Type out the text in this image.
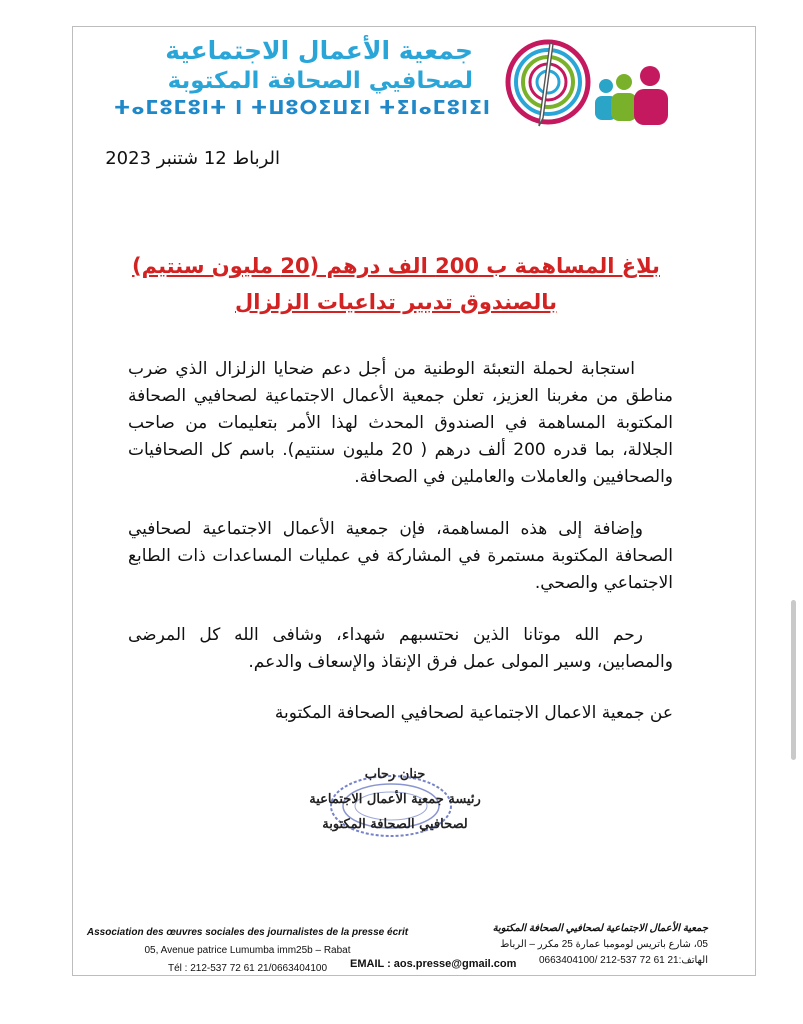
جمعية الأعمال الاجتماعية
لصحافيي الصحافة المكتوبة
ⵜⴰⵎⵓⵎⵓⵏⵜ ⵏ ⵜⵡⵓⵔⵉⵡⵉⵏ ⵜⵉⵏⴰⵎⵓⵏⵉⵏ
الرباط 12 شتنبر 2023
بلاغ المساهمة ب 200 الف درهم (20 مليون سنتيم) بالصندوق تدبير تداعيات الزلزال
استجابة لحملة التعبئة الوطنية من أجل دعم ضحايا الزلزال الذي ضرب مناطق من مغربنا العزيز، تعلن جمعية الأعمال الاجتماعية لصحافيي الصحافة المكتوبة المساهمة في الصندوق المحدث لهذا الأمر بتعليمات من صاحب الجلالة، بما قدره 200 ألف درهم ( 20 مليون سنتيم). باسم كل الصحافيات والصحافيين والعاملات والعاملين في الصحافة.
وإضافة إلى هذه المساهمة، فإن جمعية الأعمال الاجتماعية لصحافيي الصحافة المكتوبة مستمرة في المشاركة في عمليات المساعدات ذات الطابع الاجتماعي والصحي.
رحم الله موتانا الذين نحتسبهم شهداء، وشافى الله كل المرضى والمصابين، وسير المولى عمل فرق الإنقاذ والإسعاف والدعم.
عن جمعية الاعمال الاجتماعية لصحافيي الصحافة المكتوبة
حنان رحاب
رئيسة جمعية الأعمال الاجتماعية
لصحافيي الصحافة المكتوبة
Association des œuvres sociales des journalistes de la presse écrit
05, Avenue patrice Lumumba imm25b – Rabat
Tél : 212-537 72 61 21/0663404100
جمعية الأعمال الاجتماعية لصحافيي الصحافة المكتوبة
05، شارع باتريس لومومبا عمارة 25 مكرر – الرباط
الهاتف:21 61 72 537-212 /0663404100
EMAIL : aos.presse@gmail.com
